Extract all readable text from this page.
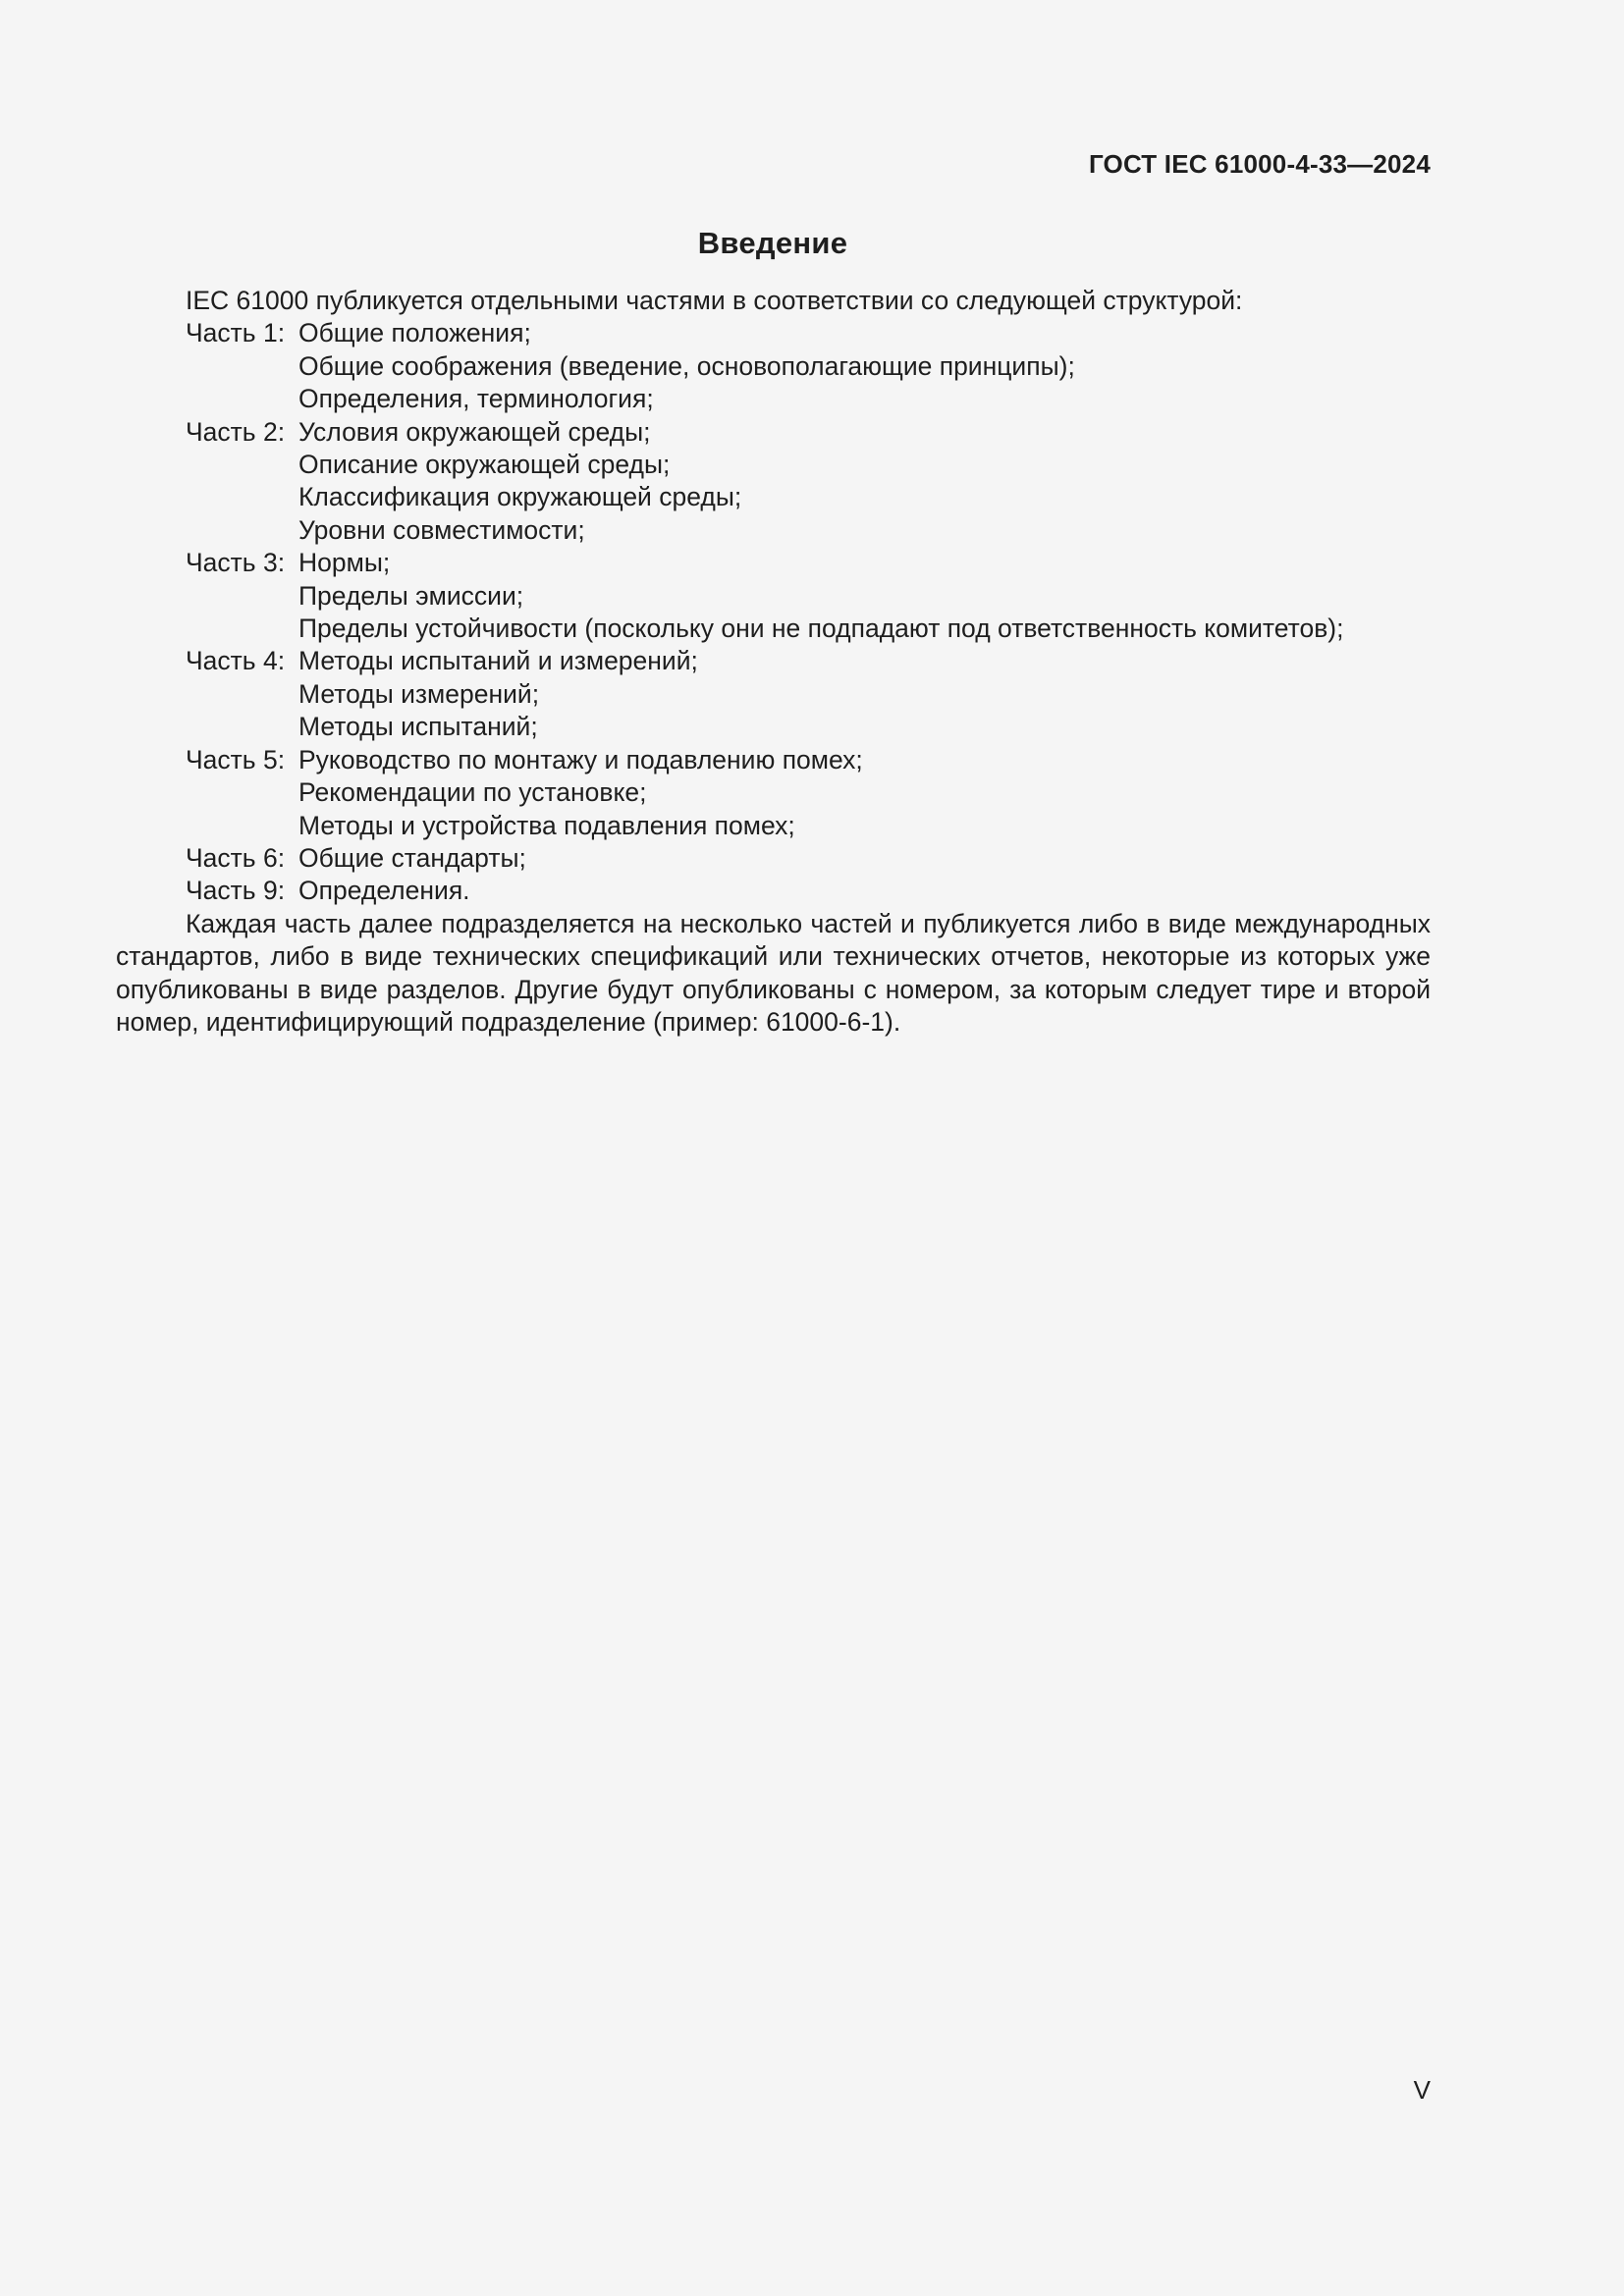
ГОСТ IEC 61000-4-33—2024
Введение
IEC 61000 публикуется отдельными частями в соответствии со следующей структурой:
Часть 1: Общие положения;
Общие соображения (введение, основополагающие принципы);
Определения, терминология;
Часть 2: Условия окружающей среды;
Описание окружающей среды;
Классификация окружающей среды;
Уровни совместимости;
Часть 3: Нормы;
Пределы эмиссии;
Пределы устойчивости (поскольку они не подпадают под ответственность комитетов);
Часть 4: Методы испытаний и измерений;
Методы измерений;
Методы испытаний;
Часть 5: Руководство по монтажу и подавлению помех;
Рекомендации по установке;
Методы и устройства подавления помех;
Часть 6: Общие стандарты;
Часть 9: Определения.

Каждая часть далее подразделяется на несколько частей и публикуется либо в виде международных стандартов, либо в виде технических спецификаций или технических отчетов, некоторые из которых уже опубликованы в виде разделов. Другие будут опубликованы с номером, за которым следует тире и второй номер, идентифицирующий подразделение (пример: 61000-6-1).

V
